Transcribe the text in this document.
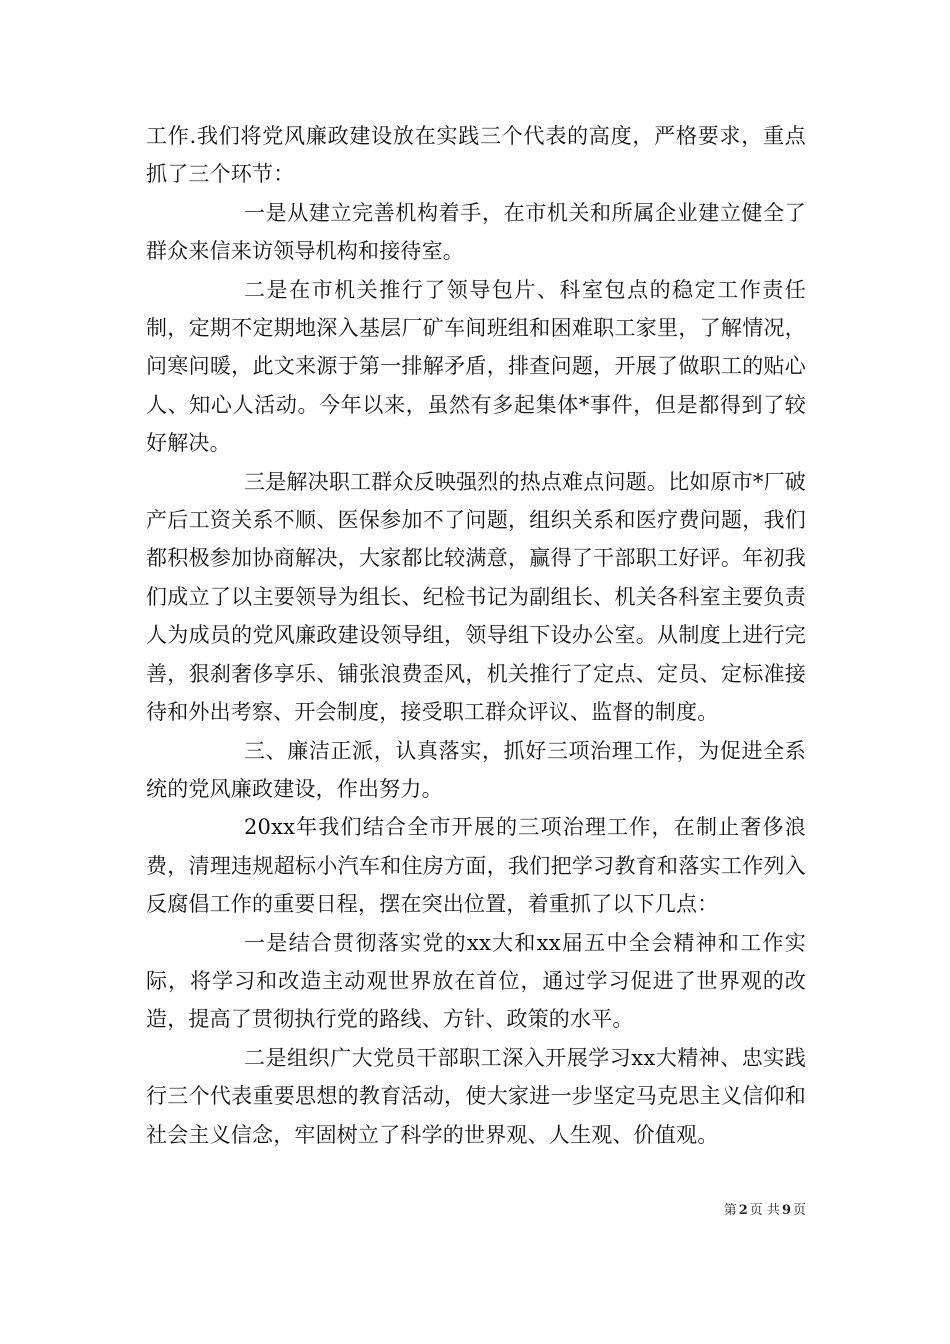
工作.我们将党风廉政建设放在实践三个代表的高度，严格要求，重点抓了三个环节：

一是从建立完善机构着手，在市机关和所属企业建立健全了群众来信来访领导机构和接待室。

二是在市机关推行了领导包片、科室包点的稳定工作责任制，定期不定期地深入基层厂矿车间班组和困难职工家里，了解情况，问寒问暖，此文来源于第一排解矛盾，排查问题，开展了做职工的贴心人、知心人活动。今年以来，虽然有多起集体*事件，但是都得到了较好解决。

三是解决职工群众反映强烈的热点难点问题。比如原市*厂破产后工资关系不顺、医保参加不了问题，组织关系和医疗费问题，我们都积极参加协商解决，大家都比较满意，赢得了干部职工好评。年初我们成立了以主要领导为组长、纪检书记为副组长、机关各科室主要负责人为成员的党风廉政建设领导组，领导组下设办公室。从制度上进行完善，狠刹奢侈享乐、铺张浪费歪风，机关推行了定点、定员、定标准接待和外出考察、开会制度，接受职工群众评议、监督的制度。

三、廉洁正派，认真落实，抓好三项治理工作，为促进全系统的党风廉政建设，作出努力。

20xx年我们结合全市开展的三项治理工作，在制止奢侈浪费，清理违规超标小汽车和住房方面，我们把学习教育和落实工作列入反腐倡工作的重要日程，摆在突出位置，着重抓了以下几点：

一是结合贯彻落实党的xx大和xx届五中全会精神和工作实际，将学习和改造主动观世界放在首位，通过学习促进了世界观的改造，提高了贯彻执行党的路线、方针、政策的水平。

二是组织广大党员干部职工深入开展学习xx大精神、忠实践行三个代表重要思想的教育活动，使大家进一步坚定马克思主义信仰和社会主义信念，牢固树立了科学的世界观、人生观、价值观。

第 2 页 共 9 页
